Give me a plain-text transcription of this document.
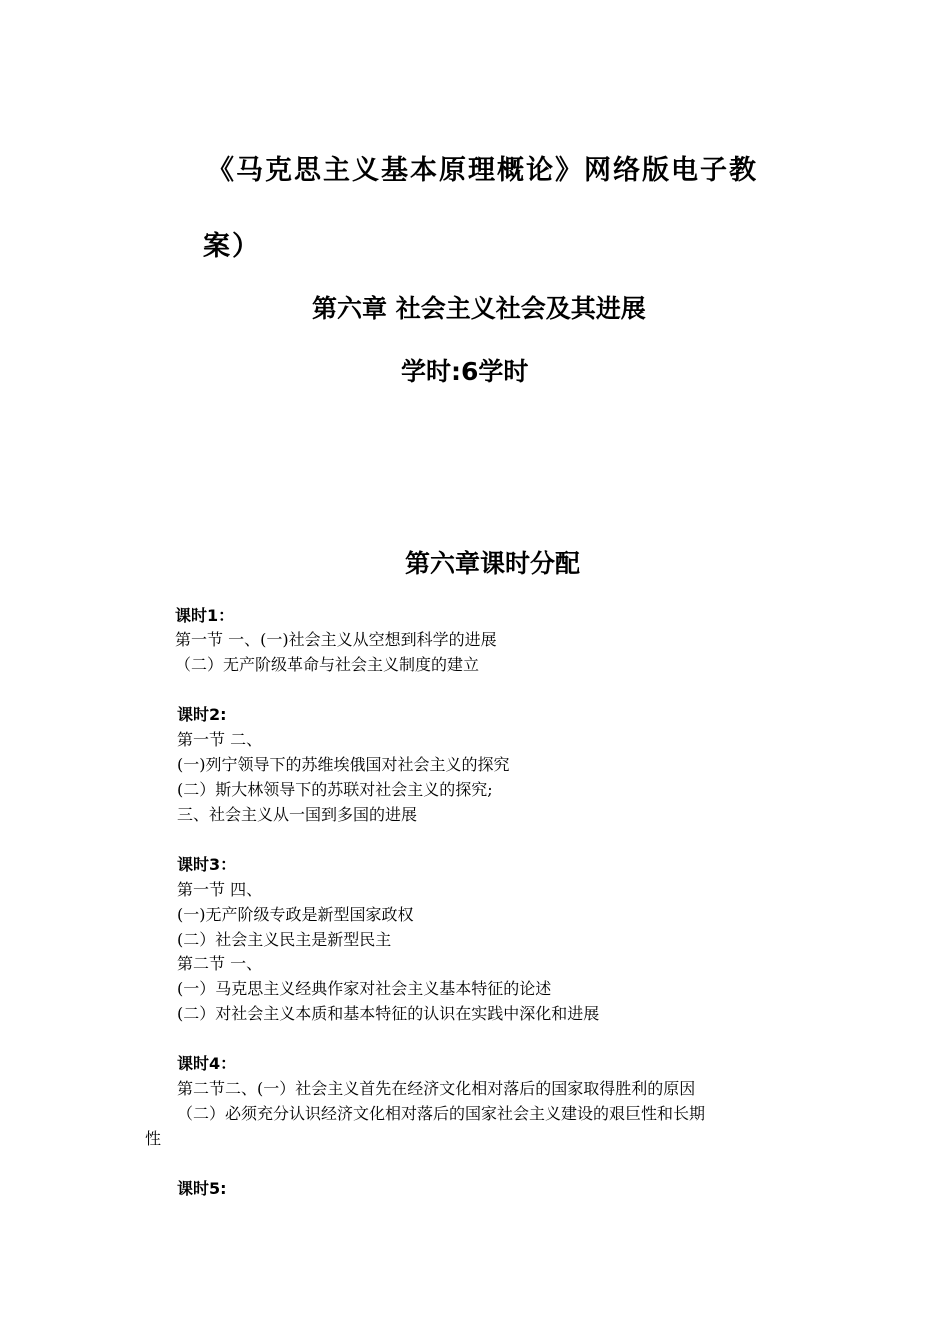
《马克思主义基本原理概论》网络版电子教
案）
第六章 社会主义社会及其进展
学时:6学时
第六章课时分配
课时1：
第一节 一、(一)社会主义从空想到科学的进展
（二）无产阶级革命与社会主义制度的建立
课时2:
第一节 二、
(一)列宁领导下的苏维埃俄国对社会主义的探究
(二）斯大林领导下的苏联对社会主义的探究;
三、社会主义从一国到多国的进展
课时3：
第一节 四、
(一)无产阶级专政是新型国家政权
(二）社会主义民主是新型民主
第二节 一、
(一）马克思主义经典作家对社会主义基本特征的论述
(二）对社会主义本质和基本特征的认识在实践中深化和进展
课时4：
第二节二、(一）社会主义首先在经济文化相对落后的国家取得胜利的原因
（二）必须充分认识经济文化相对落后的国家社会主义建设的艰巨性和长期
性
课时5:
